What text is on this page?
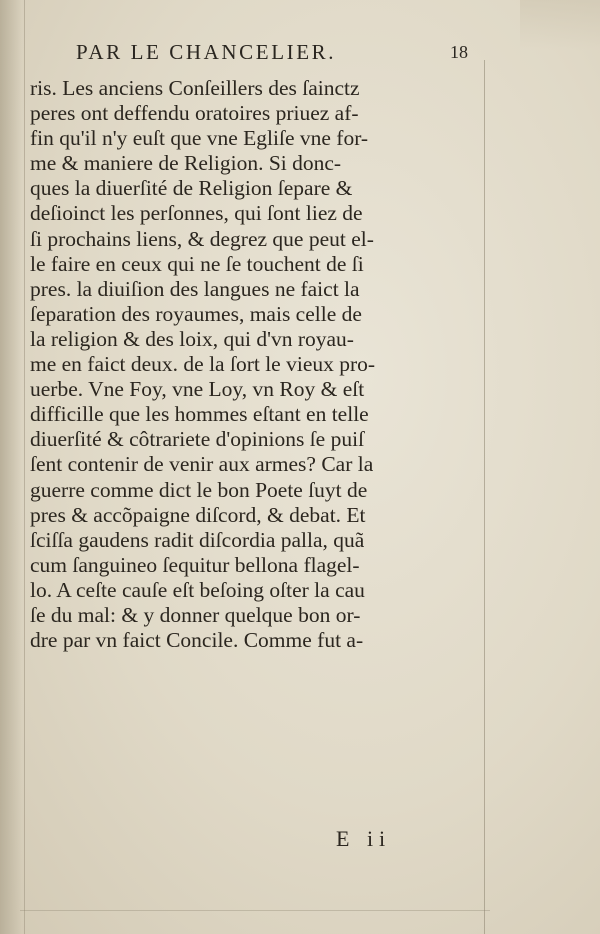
PAR LE CHANCELIER.	18
ris. Les anciens Conſeillers des ſainctz
peres ont deffendu oratoires priuez af-
fin qu'il n'y euſt que vne Egliſe vne for-
me & maniere de Religion. Si donc-
ques la diuerſité de Religion ſepare &
deſioinct les perſonnes, qui ſont liez de
ſi prochains liens, & degrez que peut el-
le faire en ceux qui ne ſe touchent de ſi
pres. la diuiſion des langues ne faict la
ſeparation des royaumes, mais celle de
la religion & des loix, qui d'vn royau-
me en faict deux. de la ſort le vieux pro-
uerbe. Vne Foy, vne Loy, vn Roy & eſt
difficille que les hommes eſtant en telle
diuerſité & côtrariete d'opinions ſe puiſ
ſent contenir de venir aux armes? Car la
guerre comme dict le bon Poete ſuyt de
pres & accõpaigne diſcord, & debat. Et
ſciſſa gaudens radit diſcordia palla, quã
cum ſanguineo ſequitur bellona flagel-
lo. A ceſte cauſe eſt beſoing oſter la cau
ſe du mal: & y donner quelque bon or-
dre par vn faict Concile. Comme fut a-
E ii
